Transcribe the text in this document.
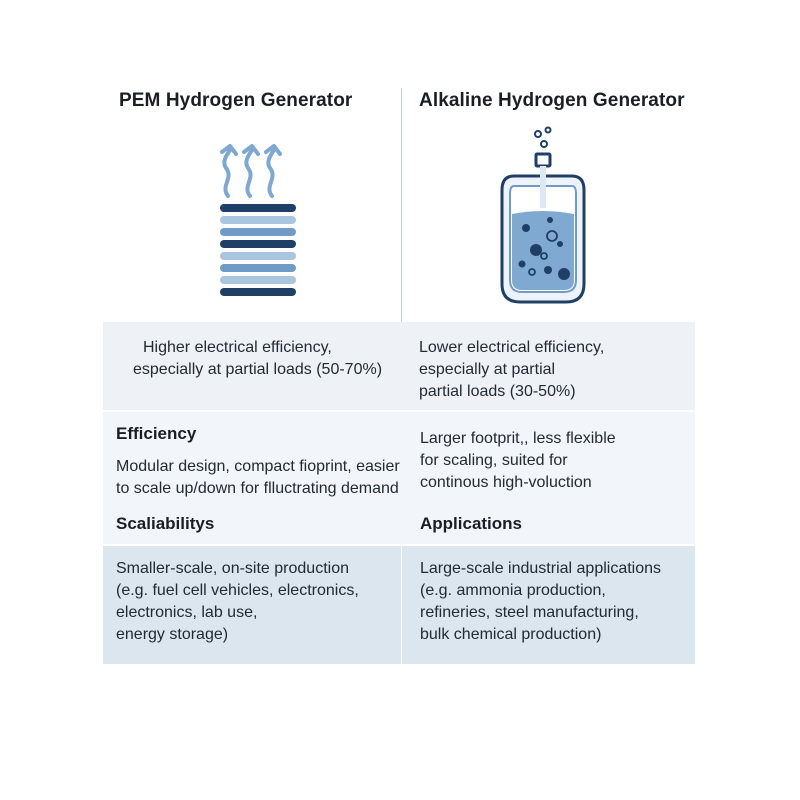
PEM Hydrogen Generator	Alkaline Hydrogen Generator
Higher electrical efficiency,
especially at partial loads (50-70%)
Lower electrical efficiency,
especially at partial
partial loads (30-50%)
Efficiency
Modular design, compact fioprint, easier
to scale up/down for flluctrating demand
Larger footprit,, less flexible
for scaling, suited for
continous high-voluction
Scaliabilitys	Applications
Smaller-scale, on-site production
(e.g. fuel cell vehicles, electronics,
electronics, lab use,
energy storage)
Large-scale industrial applications
(e.g. ammonia production,
refineries, steel manufacturing,
bulk chemical production)
